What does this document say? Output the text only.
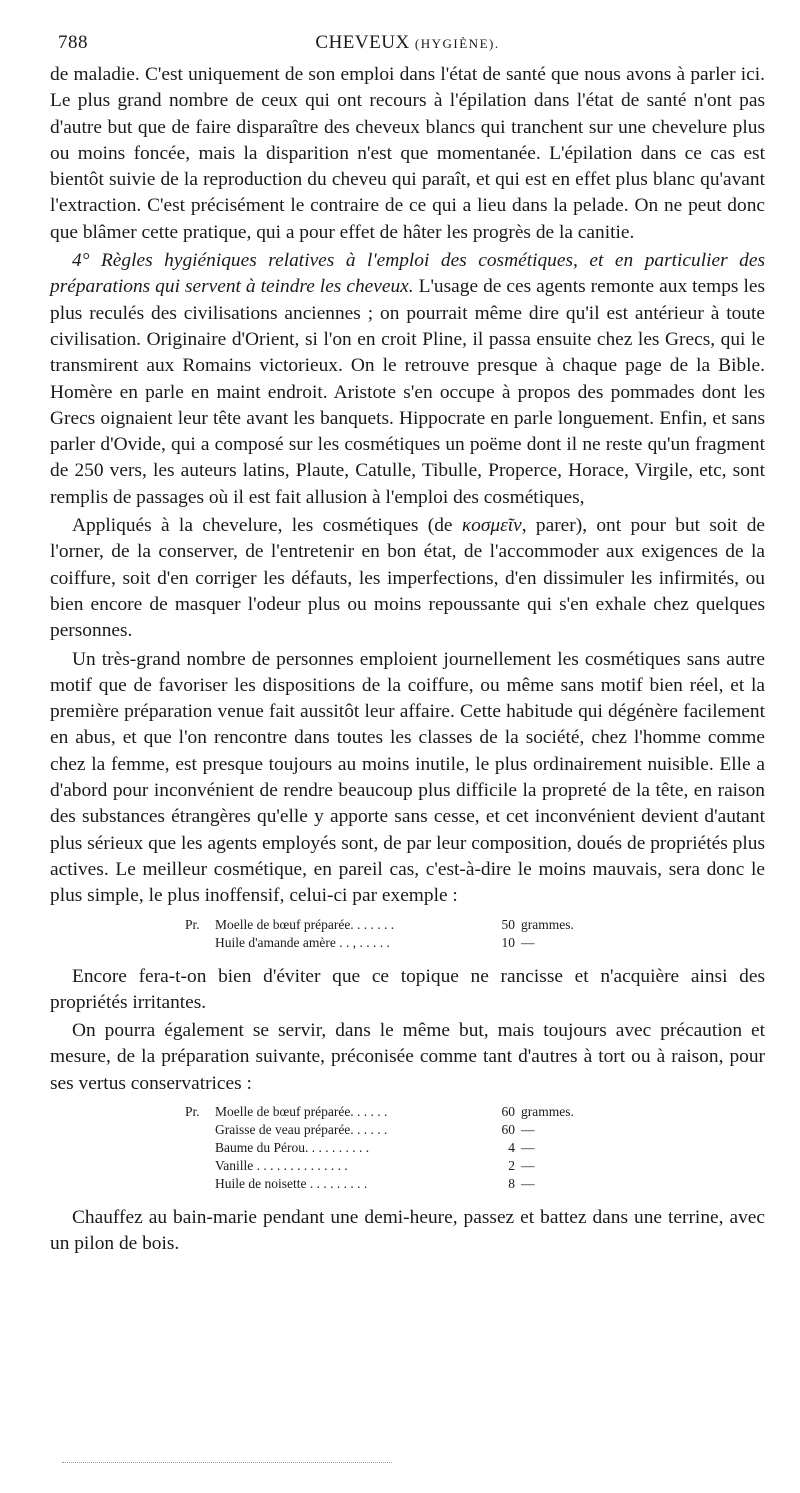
788	CHEVEUX (HYGIÈNE).

de maladie. C'est uniquement de son emploi dans l'état de santé que nous avons à parler ici. Le plus grand nombre de ceux qui ont recours à l'épilation dans l'état de santé n'ont pas d'autre but que de faire disparaître des cheveux blancs qui tranchent sur une chevelure plus ou moins foncée, mais la disparition n'est que momentanée. L'épilation dans ce cas est bientôt suivie de la reproduction du cheveu qui paraît, et qui est en effet plus blanc qu'avant l'extraction. C'est précisément le contraire de ce qui a lieu dans la pelade. On ne peut donc que blâmer cette pratique, qui a pour effet de hâter les progrès de la canitie.

4° Règles hygiéniques relatives à l'emploi des cosmétiques, et en particulier des préparations qui servent à teindre les cheveux. L'usage de ces agents remonte aux temps les plus reculés des civilisations anciennes ; on pourrait même dire qu'il est antérieur à toute civilisation. Originaire d'Orient, si l'on en croit Pline, il passa ensuite chez les Grecs, qui le transmirent aux Romains victorieux. On le retrouve presque à chaque page de la Bible. Homère en parle en maint endroit. Aristote s'en occupe à propos des pommades dont les Grecs oignaient leur tête avant les banquets. Hippocrate en parle longuement. Enfin, et sans parler d'Ovide, qui a composé sur les cosmétiques un poëme dont il ne reste qu'un fragment de 250 vers, les auteurs latins, Plaute, Catulle, Tibulle, Properce, Horace, Virgile, etc, sont remplis de passages où il est fait allusion à l'emploi des cosmétiques,

Appliqués à la chevelure, les cosmétiques (de κοσμεῖν, parer), ont pour but soit de l'orner, de la conserver, de l'entretenir en bon état, de l'accommoder aux exigences de la coiffure, soit d'en corriger les défauts, les imperfections, d'en dissimuler les infirmités, ou bien encore de masquer l'odeur plus ou moins repoussante qui s'en exhale chez quelques personnes.

Un très-grand nombre de personnes emploient journellement les cosmétiques sans autre motif que de favoriser les dispositions de la coiffure, ou même sans motif bien réel, et la première préparation venue fait aussitôt leur affaire. Cette habitude qui dégénère facilement en abus, et que l'on rencontre dans toutes les classes de la société, chez l'homme comme chez la femme, est presque toujours au moins inutile, le plus ordinairement nuisible. Elle a d'abord pour inconvénient de rendre beaucoup plus difficile la propreté de la tête, en raison des substances étrangères qu'elle y apporte sans cesse, et cet inconvénient devient d'autant plus sérieux que les agents employés sont, de par leur composition, doués de propriétés plus actives. Le meilleur cosmétique, en pareil cas, c'est-à-dire le moins mauvais, sera donc le plus simple, le plus inoffensif, celui-ci par exemple :

Pr.	Moelle de bœuf préparée. . . . . . .	50 grammes.
Huile d'amande amère . . , . . . . .	10 —

Encore fera-t-on bien d'éviter que ce topique ne rancisse et n'acquière ainsi des propriétés irritantes.

On pourra également se servir, dans le même but, mais toujours avec précaution et mesure, de la préparation suivante, préconisée comme tant d'autres à tort ou à raison, pour ses vertus conservatrices :

Pr.	Moelle de bœuf préparée. . . . . .	60 grammes.
Graisse de veau préparée. . . . . .	60 —
Baume du Pérou. . . . . . . . . .	4 —
Vanille . . . . . . . . . . . . . .	2 —
Huile de noisette . . . . . . . . .	8 —

Chauffez au bain-marie pendant une demi-heure, passez et battez dans une terrine, avec un pilon de bois.
